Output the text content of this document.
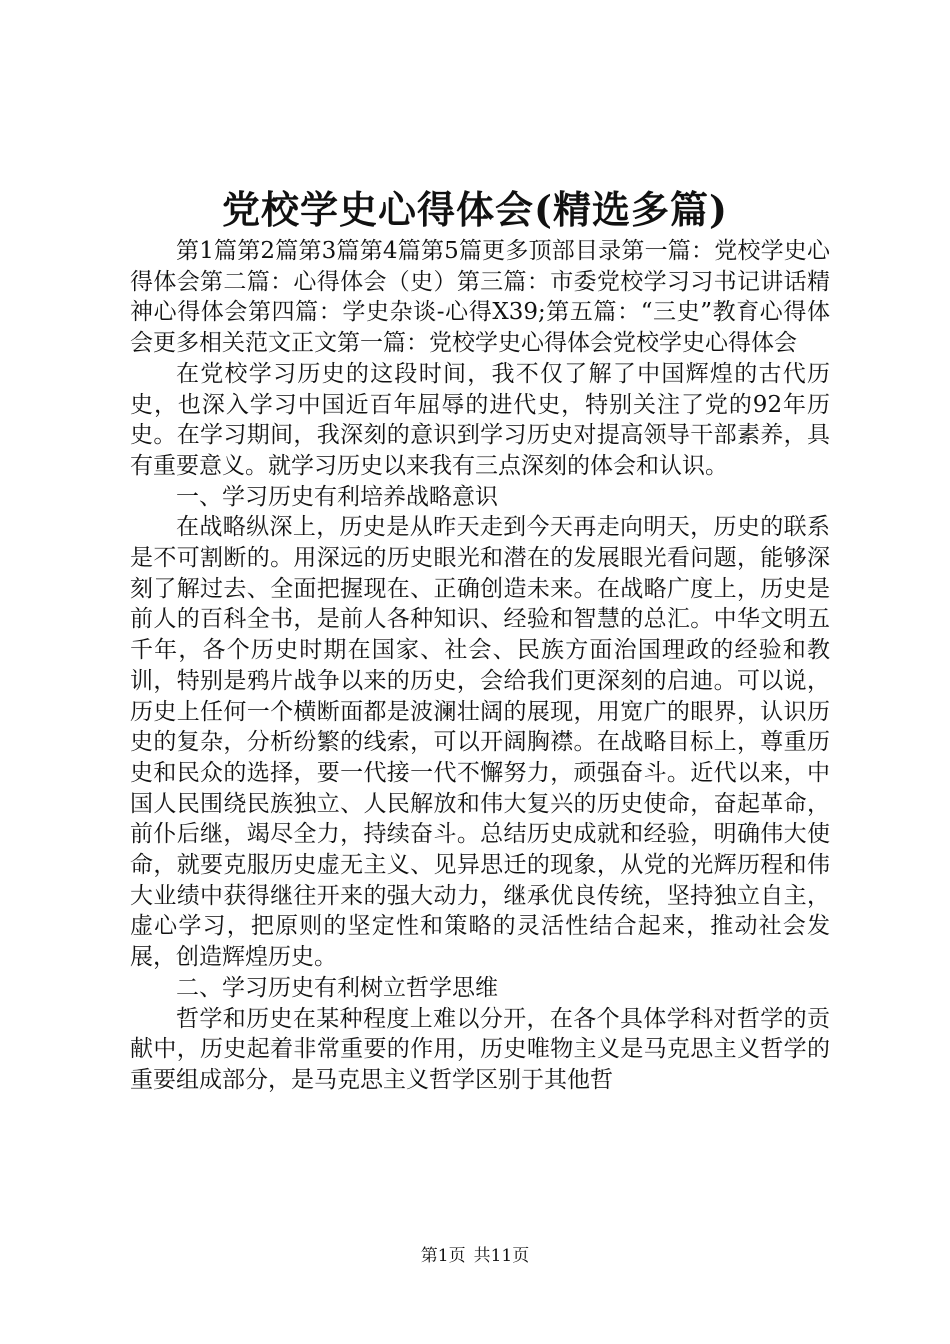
党校学史心得体会(精选多篇)

第1篇第2篇第3篇第4篇第5篇更多顶部目录第一篇：党校学史心得体会第二篇：心得体会（史）第三篇：市委党校学习习书记讲话精神心得体会第四篇：学史杂谈-心得X39;第五篇：“三史”教育心得体会更多相关范文正文第一篇：党校学史心得体会党校学史心得体会

在党校学习历史的这段时间，我不仅了解了中国辉煌的古代历史，也深入学习中国近百年屈辱的进代史，特别关注了党的92年历史。在学习期间，我深刻的意识到学习历史对提高领导干部素养，具有重要意义。就学习历史以来我有三点深刻的体会和认识。

一、学习历史有利培养战略意识

在战略纵深上，历史是从昨天走到今天再走向明天，历史的联系是不可割断的。用深远的历史眼光和潜在的发展眼光看问题，能够深刻了解过去、全面把握现在、正确创造未来。在战略广度上，历史是前人的百科全书，是前人各种知识、经验和智慧的总汇。中华文明五千年，各个历史时期在国家、社会、民族方面治国理政的经验和教训，特别是鸦片战争以来的历史，会给我们更深刻的启迪。可以说，历史上任何一个横断面都是波澜壮阔的展现，用宽广的眼界，认识历史的复杂，分析纷繁的线索，可以开阔胸襟。在战略目标上，尊重历史和民众的选择，要一代接一代不懈努力，顽强奋斗。近代以来，中国人民围绕民族独立、人民解放和伟大复兴的历史使命，奋起革命，前仆后继，竭尽全力，持续奋斗。总结历史成就和经验，明确伟大使命，就要克服历史虚无主义、见异思迁的现象，从党的光辉历程和伟大业绩中获得继往开来的强大动力，继承优良传统，坚持独立自主，虚心学习，把原则的坚定性和策略的灵活性结合起来，推动社会发展，创造辉煌历史。

二、学习历史有利树立哲学思维

哲学和历史在某种程度上难以分开，在各个具体学科对哲学的贡献中，历史起着非常重要的作用，历史唯物主义是马克思主义哲学的重要组成部分，是马克思主义哲学区别于其他哲

第1页 共11页
